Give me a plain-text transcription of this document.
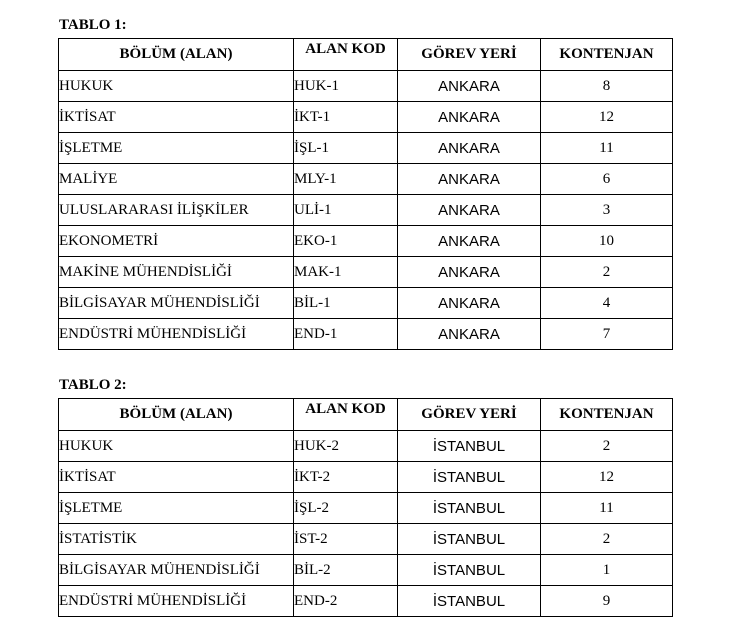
TABLO 1:
BÖLÜM (ALAN)	ALAN KOD	GÖREV YERİ	KONTENJAN
HUKUK	HUK-1	ANKARA	8
İKTİSAT	İKT-1	ANKARA	12
İŞLETME	İŞL-1	ANKARA	11
MALİYE	MLY-1	ANKARA	6
ULUSLARARASI İLİŞKİLER	ULİ-1	ANKARA	3
EKONOMETRİ	EKO-1	ANKARA	10
MAKİNE MÜHENDİSLİĞİ	MAK-1	ANKARA	2
BİLGİSAYAR MÜHENDİSLİĞİ	BİL-1	ANKARA	4
ENDÜSTRİ MÜHENDİSLİĞİ	END-1	ANKARA	7
TABLO 2:
BÖLÜM (ALAN)	ALAN KOD	GÖREV YERİ	KONTENJAN
HUKUK	HUK-2	İSTANBUL	2
İKTİSAT	İKT-2	İSTANBUL	12
İŞLETME	İŞL-2	İSTANBUL	11
İSTATİSTİK	İST-2	İSTANBUL	2
BİLGİSAYAR MÜHENDİSLİĞİ	BİL-2	İSTANBUL	1
ENDÜSTRİ MÜHENDİSLİĞİ	END-2	İSTANBUL	9
